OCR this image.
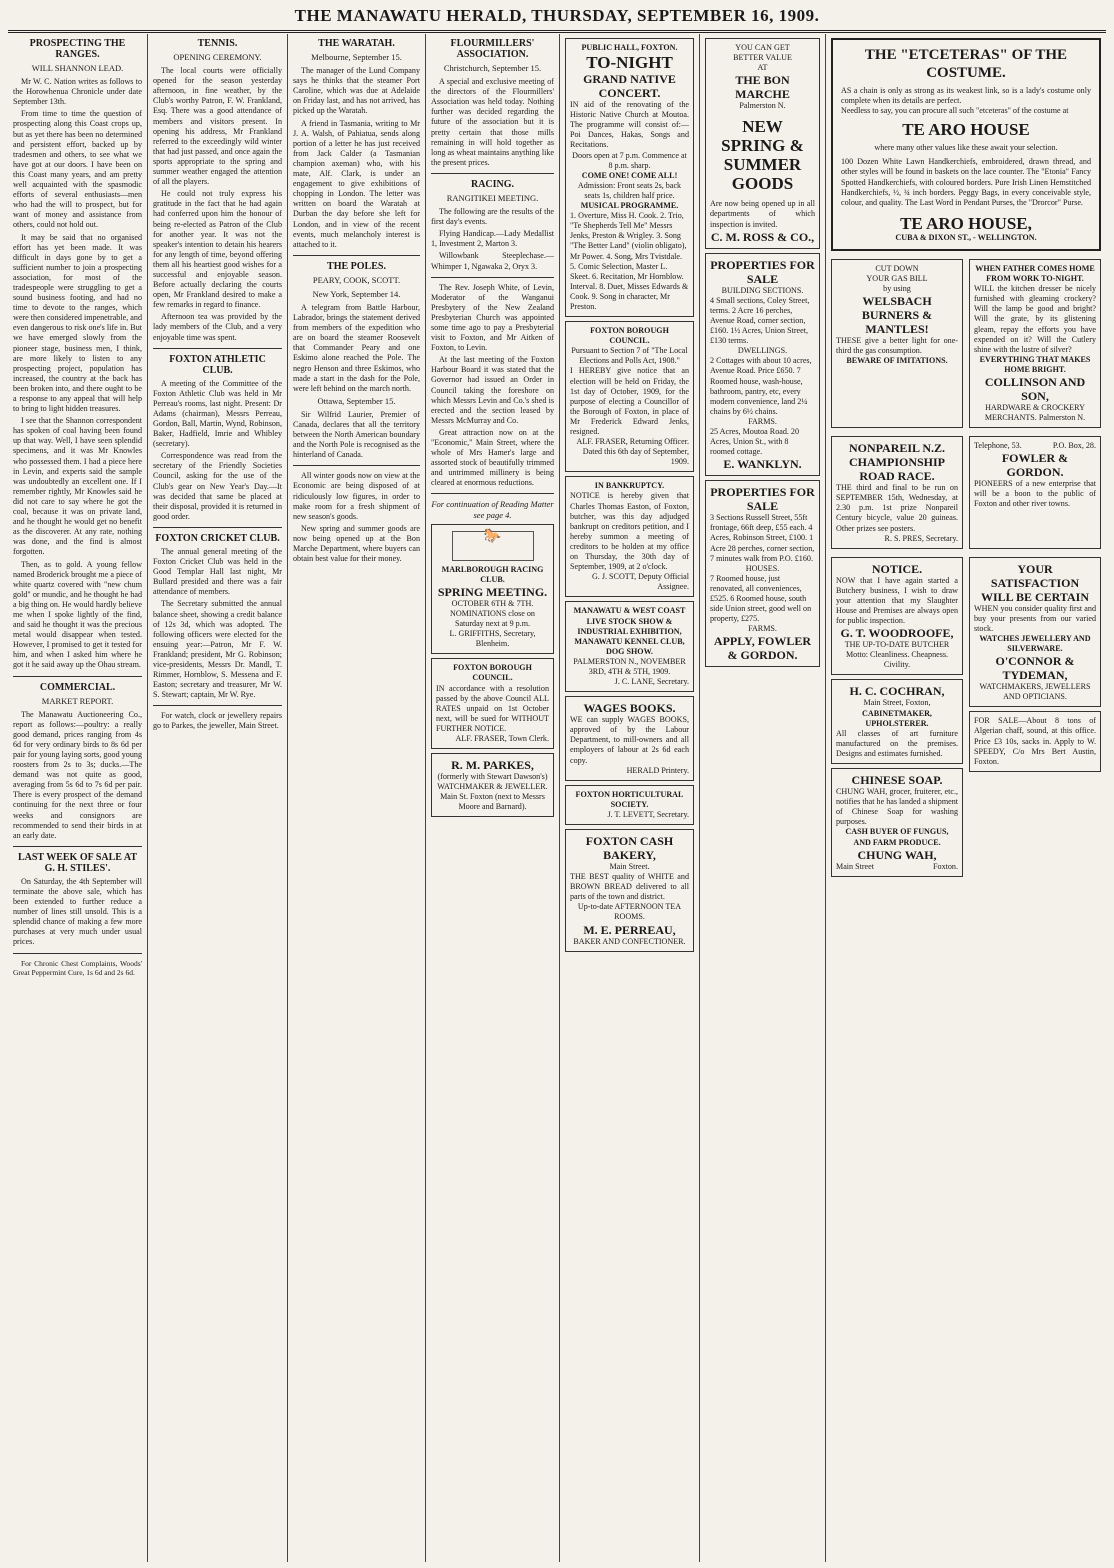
THE MANAWATU HERALD, THURSDAY, SEPTEMBER 16, 1909.
PROSPECTING THE RANGES.
WILL SHANNON LEAD.

Mr W. C. Nation writes as follows to the Horowhenua Chronicle under date September 13th.

From time to time the question of prospecting along this Coast crops up, but as yet there has been no determined and persistent effort, backed up by tradesmen and others, to see what we have got at our doors. I have been on this Coast many years, and am pretty well acquainted with the spasmodic efforts of several enthusiasts—men who had the will to prospect, but for want of money and assistance from others, could not hold out.

It may be said that no organised effort has yet been made. It was difficult in days gone by to get a sufficient number to join a prospecting association, for most of the tradespeople were struggling to get a sound business footing, and had no time to devote to the ranges, which were then considered impenetrable, and even dangerous to risk one's life in. But we have emerged slowly from the pioneer stage, business men, I think, are more likely to listen to any prospecting project, population has increased, the country at the back has been broken into, and there ought to be a response to any appeal that will help to bring to light hidden treasures.

I see that the Shannon correspondent has spoken of coal having been found up that way. Well, I have seen splendid specimens, and it was Mr Knowles who possessed them. I had a piece here in Levin, and experts said the sample was undoubtedly an excellent one. If I remember rightly, Mr Knowles said he did not care to say where he got the coal, because it was on private land, and he thought he would get no benefit as the discoverer. At any rate, nothing was done, and the find is almost forgotten.

Then, as to gold. A young fellow named Broderick brought me a piece of white quartz covered with "new chum gold" or mundic, and he thought he had a big thing on. He would hardly believe me when I spoke lightly of the find, and said he thought it was the precious metal would disappear when tested. However, I promised to get it tested for him, and when I asked him where he got it he said away up the Ohau stream.

COMMERCIAL.
MARKET REPORT.

The Manawatu Auctioneering Co., report as follows:—poultry: a really good demand, prices ranging from 4s 6d for very ordinary birds to 8s 6d per pair for young laying sorts, good young roosters from 2s to 3s; ducks.—The demand was not quite as good, averaging from 5s 6d to 7s 6d per pair. There is every prospect of the demand continuing for the next three or four weeks and consignors are recommended to send their birds in at an early date.

LAST WEEK OF SALE AT G. H. STILES'.

On Saturday, the 4th September will terminate the above sale, which has been extended to further reduce a number of lines still unsold. This is a splendid chance of making a few more purchases at very much under usual prices.

For Chronic Chest Complaints, Woods' Great Peppermint Cure, 1s 6d and 2s 6d.

TENNIS.
OPENING CEREMONY.

The local courts were officially opened for the season yesterday afternoon, in fine weather, by the Club's worthy Patron, F. W. Frankland, Esq. There was a good attendance of members and visitors present. In opening his address, Mr Frankland referred to the exceedingly wild winter that had just passed, and once again the sports appropriate to the spring and summer weather engaged the attention of all the players.

He could not truly express his gratitude in the fact that he had again had conferred upon him the honour of being re-elected as Patron of the Club for another year. It was not the speaker's intention to detain his hearers for any length of time, beyond offering them all his heartiest good wishes for a successful and enjoyable season. Before actually declaring the courts open, Mr Frankland desired to make a few remarks in regard to finance.

Afternoon tea was provided by the lady members of the Club, and a very enjoyable time was spent.

FOXTON ATHLETIC CLUB.

A meeting of the Committee of the Foxton Athletic Club was held in Mr Perreau's rooms, last night. Present: Dr Adams (chairman), Messrs Perreau, Gordon, Ball, Martin, Wynd, Robinson, Baker, Hadfield, Imrie and Whibley (secretary).

Correspondence was read from the secretary of the Friendly Societies Council, asking for the use of the Club's gear on New Year's Day.—It was decided that same be placed at their disposal, provided it is returned in good order.

FOXTON CRICKET CLUB.

The annual general meeting of the Foxton Cricket Club was held in the Good Templar Hall last night, Mr Bullard presided and there was a fair attendance of members.

The Secretary submitted the annual balance sheet, showing a credit balance of 12s 3d, which was adopted. The following officers were elected for the ensuing year:—Patron, Mr F. W. Frankland; president, Mr G. Robinson; vice-presidents, Messrs Dr. Mandl, T. Rimmer, Hornblow, S. Messena and F. Easton; secretary and treasurer, Mr W. S. Stewart; captain, Mr W. Rye.

For watch, clock or jewellery repairs go to Parkes, the jeweller, Main Street.

THE WARATAH.
Melbourne, September 15.

The manager of the Lund Company says he thinks that the steamer Port Caroline, which was due at Adelaide on Friday last, and has not arrived, has picked up the Waratah.

A friend in Tasmania, writing to Mr J. A. Walsh, of Pahiatua, sends along portion of a letter he has just received from Jack Calder (a Tasmanian champion axeman) who, with his mate, Alf. Clark, is under an engagement to give exhibitions of chopping in London. The letter was written on board the Waratah at Durban the day before she left for London, and in view of the recent events, much melancholy interest is attached to it.

THE POLES.
PEARY, COOK, SCOTT.
New York, September 14.

A telegram from Battle Harbour, Labrador, brings the statement derived from members of the expedition who are on board the steamer Roosevelt that Commander Peary and one Eskimo alone reached the Pole. The negro Henson and three Eskimos, who made a start in the dash for the Pole, were left behind on the march north.

Ottawa, September 15.

Sir Wilfrid Laurier, Premier of Canada, declares that all the territory between the North American boundary and the North Pole is recognised as the hinterland of Canada.

All winter goods now on view at the Economic are being disposed of at ridiculously low figures, in order to make room for a fresh shipment of new season's goods.

New spring and summer goods are now being opened up at the Bon Marche Department, where buyers can obtain best value for their money.

FLOURMILLERS' ASSOCIATION.
Christchurch, September 15.

A special and exclusive meeting of the directors of the Flourmillers' Association was held today. Nothing further was decided regarding the future of the association but it is pretty certain that those mills remaining in will hold together as long as wheat maintains anything like the present prices.

RACING.
RANGITIKEI MEETING.

The following are the results of the first day's events.

Flying Handicap.—Lady Medallist 1, Investment 2, Marton 3.

Willowbank Steeplechase.—Whimper 1, Ngawaka 2, Oryx 3.

The Rev. Joseph White, of Levin, Moderator of the Wanganui Presbytery of the New Zealand Presbyterian Church was appointed some time ago to pay a Presbyterial visit to Foxton, and Mr Aitken of Foxton, to Levin.

At the last meeting of the Foxton Harbour Board it was stated that the Governor had issued an Order in Council taking the foreshore on which Messrs Levin and Co.'s shed is erected and the section leased by Messrs McMurray and Co.

Great attraction now on at the "Economic," Main Street, where the whole of Mrs Hamer's large and assorted stock of beautifully trimmed and untrimmed millinery is being cleared at enormous reductions.

For continuation of Reading Matter see page 4.
🐎
MARLBOROUGH RACING CLUB.
SPRING MEETING.
OCTOBER 6TH & 7TH.
NOMINATIONS close on Saturday next at 9 p.m.
L. GRIFFITHS, Secretary, Blenheim.
FOXTON BOROUGH COUNCIL.
IN accordance with a resolution passed by the above Council ALL RATES unpaid on 1st October next, will be sued for WITHOUT FURTHER NOTICE.
ALF. FRASER, Town Clerk.
R. M. PARKES,
(formerly with Stewart Dawson's) WATCHMAKER & JEWELLER.
Main St. Foxton (next to Messrs Moore and Barnard).
PUBLIC HALL, FOXTON.
TO-NIGHT
GRAND NATIVE CONCERT.
IN aid of the renovating of the Historic Native Church at Moutoa. The programme will consist of:— Poi Dances, Hakas, Songs and Recitations.
Doors open at 7 p.m. Commence at 8 p.m. sharp.
COME ONE! COME ALL!
Admission: Front seats 2s, back seats 1s, children half price.
MUSICAL PROGRAMME.
1. Overture, Miss H. Cook. 2. Trio, "Te Shepherds Tell Me" Messrs Jenks, Preston & Wrigley. 3. Song "The Better Land" (violin obligato), Mr Power. 4. Song, Mrs Tvistdale. 5. Comic Selection, Master L. Skeet. 6. Recitation, Mr Hornblow. Interval. 8. Duet, Misses Edwards & Cook. 9. Song in character, Mr Preston.
FOXTON BOROUGH COUNCIL.
Pursuant to Section 7 of "The Local Elections and Polls Act, 1908."
I HEREBY give notice that an election will be held on Friday, the 1st day of October, 1909, for the purpose of electing a Councillor of the Borough of Foxton, in place of Mr Frederick Edward Jenks, resigned.
ALF. FRASER, Returning Officer. Dated this 6th day of September, 1909.
IN BANKRUPTCY.
NOTICE is hereby given that Charles Thomas Easton, of Foxton, butcher, was this day adjudged bankrupt on creditors petition, and I hereby summon a meeting of creditors to be holden at my office on Thursday, the 30th day of September, 1909, at 2 o'clock.
G. J. SCOTT, Deputy Official Assignee.
MANAWATU & WEST COAST LIVE STOCK SHOW & INDUSTRIAL EXHIBITION, MANAWATU KENNEL CLUB, DOG SHOW.
PALMERSTON N., NOVEMBER 3RD, 4TH & 5TH, 1909.
J. C. LANE, Secretary.
WAGES BOOKS.
WE can supply WAGES BOOKS, approved of by the Labour Department, to mill-owners and all employers of labour at 2s 6d each copy.
HERALD Printery.
FOXTON HORTICULTURAL SOCIETY.
J. T. LEVETT, Secretary.
FOXTON CASH BAKERY,
Main Street.
THE BEST quality of WHITE and BROWN BREAD delivered to all parts of the town and district.
Up-to-date AFTERNOON TEA ROOMS.
M. E. PERREAU,
BAKER AND CONFECTIONER.
YOU CAN GET
BETTER VALUE
AT
THE BON MARCHE
Palmerston N.
NEW SPRING & SUMMER GOODS
Are now being opened up in all departments of which inspection is invited.
C. M. ROSS & CO.,
PROPERTIES FOR SALE
BUILDING SECTIONS.
4 Small sections, Coley Street, terms. 2 Acre 16 perches, Avenue Road, corner section, £160. 1½ Acres, Union Street, £130 terms.
DWELLINGS.
2 Cottages with about 10 acres, Avenue Road. Price £650. 7 Roomed house, wash-house, bathroom, pantry, etc, every modern convenience, land 2¼ chains by 6½ chains.
FARMS.
25 Acres, Moutoa Road. 20 Acres, Union St., with 8 roomed cottage.
E. WANKLYN.
PROPERTIES FOR SALE
3 Sections Russell Street, 55ft frontage, 66ft deep, £55 each. 4 Acres, Robinson Street, £100. 1 Acre 28 perches, corner section, 7 minutes walk from P.O. £160.
HOUSES.
7 Roomed house, just renovated, all conveniences, £525. 6 Roomed house, south side Union street, good well on property, £275.
FARMS.
APPLY, FOWLER & GORDON.
THE "ETCETERAS" OF THE COSTUME.
AS a chain is only as strong as its weakest link, so is a lady's costume only complete when its details are perfect.
Needless to say, you can procure all such "etceteras" of the costume at
TE ARO HOUSE
where many other values like these await your selection.
100 Dozen White Lawn Handkerchiefs, embroidered, drawn thread, and other styles will be found in baskets on the lace counter. The "Etonia" Fancy Spotted Handkerchiefs, with coloured borders. Pure Irish Linen Hemstitched Handkerchiefs, ½, ¾ inch borders. Peggy Bags, in every conceivable style, colour, and quality. The Last Word in Pendant Purses, the "Drorcor" Purse.
TE ARO HOUSE,
CUBA & DIXON ST., - WELLINGTON.
CUT DOWN
YOUR GAS BILL
by using
WELSBACH BURNERS & MANTLES!
THESE give a better light for one-third the gas consumption.
BEWARE OF IMITATIONS.
WHEN FATHER COMES HOME FROM WORK TO-NIGHT.
WILL the kitchen dresser be nicely furnished with gleaming crockery? Will the lamp be good and bright? Will the grate, by its glistening gleam, repay the efforts you have expended on it? Will the Cutlery shine with the lustre of silver?
EVERYTHING THAT MAKES HOME BRIGHT.
COLLINSON AND SON,
HARDWARE & CROCKERY MERCHANTS. Palmerston N.
NONPAREIL N.Z. CHAMPIONSHIP ROAD RACE.
THE third and final to be run on SEPTEMBER 15th, Wednesday, at 2.30 p.m. 1st prize Nonpareil Century bicycle, value 20 guineas. Other prizes see posters.
R. S. PRES, Secretary.
Telephone, 53.	P.O. Box, 28.
FOWLER & GORDON.
PIONEERS of a new enterprise that will be a boon to the public of Foxton and other river towns.
NOTICE.
NOW that I have again started a Butchery business, I wish to draw your attention that my Slaughter House and Premises are always open for public inspection.
G. T. WOODROOFE,
THE UP-TO-DATE BUTCHER
Motto: Cleanliness. Cheapness. Civility.
H. C. COCHRAN,
Main Street, Foxton,
CABINETMAKER, UPHOLSTERER.
All classes of art furniture manufactured on the premises. Designs and estimates furnished.
CHINESE SOAP.
CHUNG WAH, grocer, fruiterer, etc., notifies that he has landed a shipment of Chinese Soap for washing purposes.
CASH BUYER OF FUNGUS, AND FARM PRODUCE.
CHUNG WAH,
Main Street	Foxton.
YOUR SATISFACTION WILL BE CERTAIN
WHEN you consider quality first and buy your presents from our varied stock.
WATCHES JEWELLERY AND SILVERWARE.
O'CONNOR & TYDEMAN,
WATCHMAKERS, JEWELLERS AND OPTICIANS.
FOR SALE—About 8 tons of Algerian chaff, sound, at this office. Price £3 10s, sacks in. Apply to W. SPEEDY, C/o Mrs Bert Austin, Foxton.
